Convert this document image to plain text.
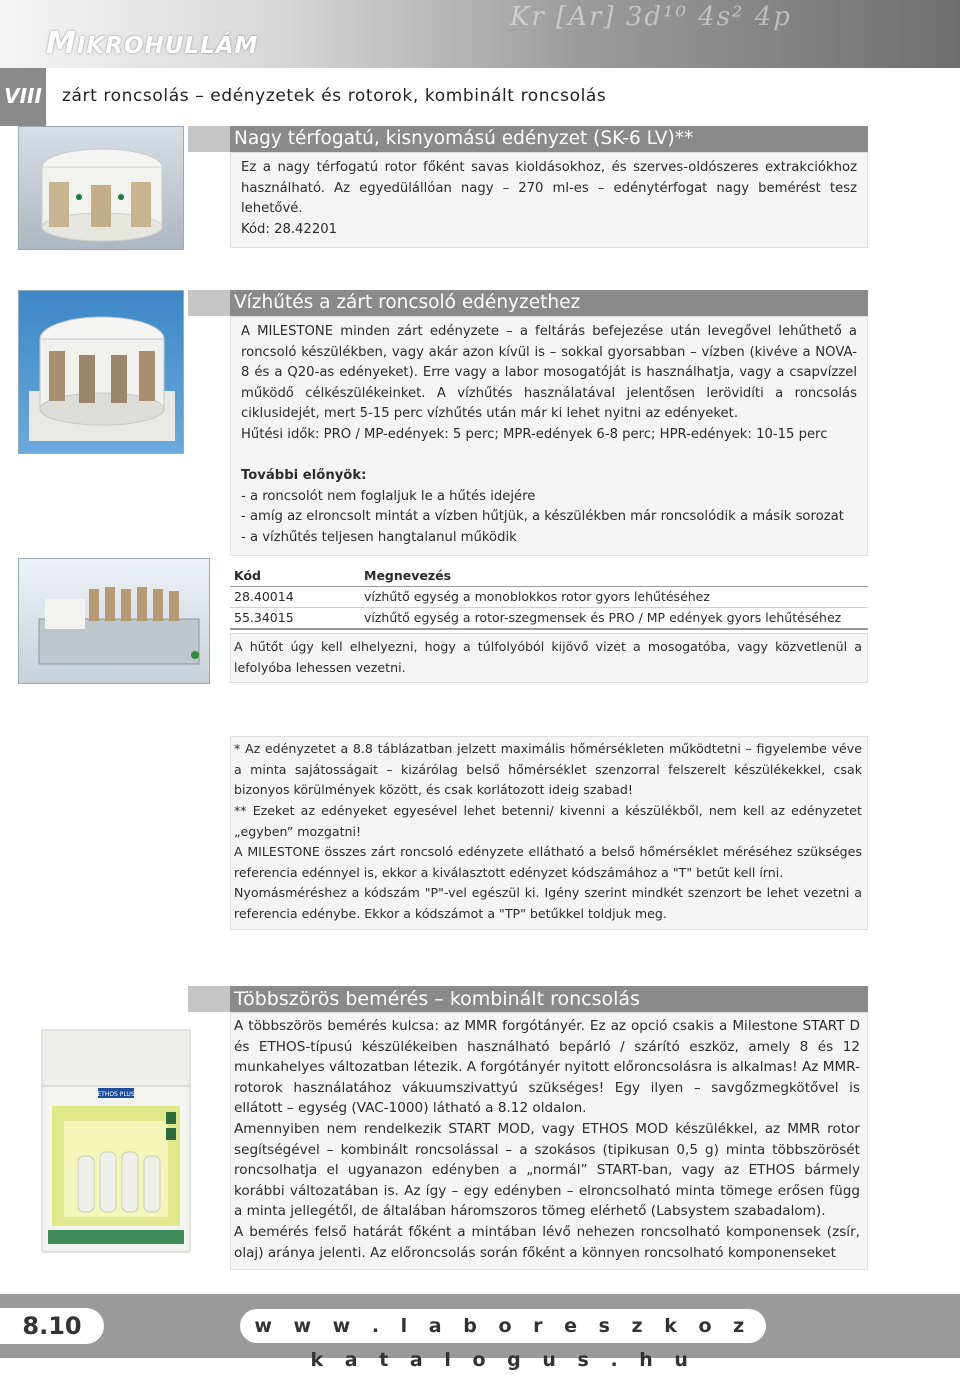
Kr [Ar] 3d¹⁰ 4s² 4p
MIKROHULLÁM
VIII zárt roncsolás – edényzetek és rotorok, kombinált roncsolás
Nagy térfogatú, kisnyomású edényzet (SK-6 LV)**
Ez a nagy térfogatú rotor főként savas kioldásokhoz, és szerves-oldószeres extrakciókhoz használható. Az egyedülállóan nagy – 270 ml-es – edénytérfogat nagy bemérést tesz lehetővé.
Kód: 28.42201
Vízhűtés a zárt roncsoló edényzethez
A MILESTONE minden zárt edényzete – a feltárás befejezése után levegővel lehűthető a roncsoló készülékben, vagy akár azon kívül is – sokkal gyorsabban – vízben (kivéve a NOVA-8 és a Q20-as edényeket). Erre vagy a labor mosogatóját is használhatja, vagy a csapvízzel működő célkészülékeinket. A vízhűtés használatával jelentősen lerövidíti a roncsolás ciklusidejét, mert 5-15 perc vízhűtés után már ki lehet nyitni az edényeket.
Hűtési idők: PRO / MP-edények: 5 perc; MPR-edények 6-8 perc; HPR-edények: 10-15 perc
További előnyök:
- a roncsolót nem foglaljuk le a hűtés idejére
- amíg az elroncsolt mintát a vízben hűtjük, a készülékben már roncsolódik a másik sorozat
- a vízhűtés teljesen hangtalanul működik
Kód	Megnevezés
28.40014	vízhűtő egység a monoblokkos rotor gyors lehűtéséhez
55.34015	vízhűtő egység a rotor-szegmensek és PRO / MP edények gyors lehűtéséhez
A hűtőt úgy kell elhelyezni, hogy a túlfolyóból kijövő vizet a mosogatóba, vagy közvetlenül a lefolyóba lehessen vezetni.
* Az edényzetet a 8.8 táblázatban jelzett maximális hőmérsékleten működtetni – figyelembe véve a minta sajátosságait – kizárólag belső hőmérséklet szenzorral felszerelt készülékekkel, csak bizonyos körülmények között, és csak korlátozott ideig szabad!
** Ezeket az edényeket egyesével lehet betenni/ kivenni a készülékből, nem kell az edényzetet „egyben” mozgatni!
A MILESTONE összes zárt roncsoló edényzete ellátható a belső hőmérséklet méréséhez szükséges referencia edénnyel is, ekkor a kiválasztott edényzet kódszámához a "T" betűt kell írni.
Nyomásméréshez a kódszám "P"-vel egészül ki. Igény szerint mindkét szenzort be lehet vezetni a referencia edénybe. Ekkor a kódszámot a "TP" betűkkel toldjuk meg.
Többszörös bemérés – kombinált roncsolás
ETHOS PLUS
A többszörös bemérés kulcsa: az MMR forgótányér. Ez az opció csakis a Milestone START D és ETHOS-típusú készülékeiben használható bepárló / szárító eszköz, amely 8 és 12 munkahelyes változatban létezik. A forgótányér nyitott előroncsolásra is alkalmas! Az MMR-rotorok használatához vákuumszivattyú szükséges! Egy ilyen – savgőzmegkötővel is ellátott – egység (VAC-1000) látható a 8.12 oldalon.
Amennyiben nem rendelkezik START MOD, vagy ETHOS MOD készülékkel, az MMR rotor segítségével – kombinált roncsolással – a szokásos (tipikusan 0,5 g) minta többszörösét roncsolhatja el ugyanazon edényben a „normál” START-ban, vagy az ETHOS bármely korábbi változatában is. Az így – egy edényben – elroncsolható minta tömege erősen függ a minta jellegétől, de általában háromszoros tömeg elérhető (Labsystem szabadalom).
A bemérés felső határát főként a mintában lévő nehezen roncsolható komponensek (zsír, olaj) aránya jelenti. Az előroncsolás során főként a könnyen roncsolható komponenseket
8.10	w w w . l a b o r e s z k o z k a t a l o g u s . h u
